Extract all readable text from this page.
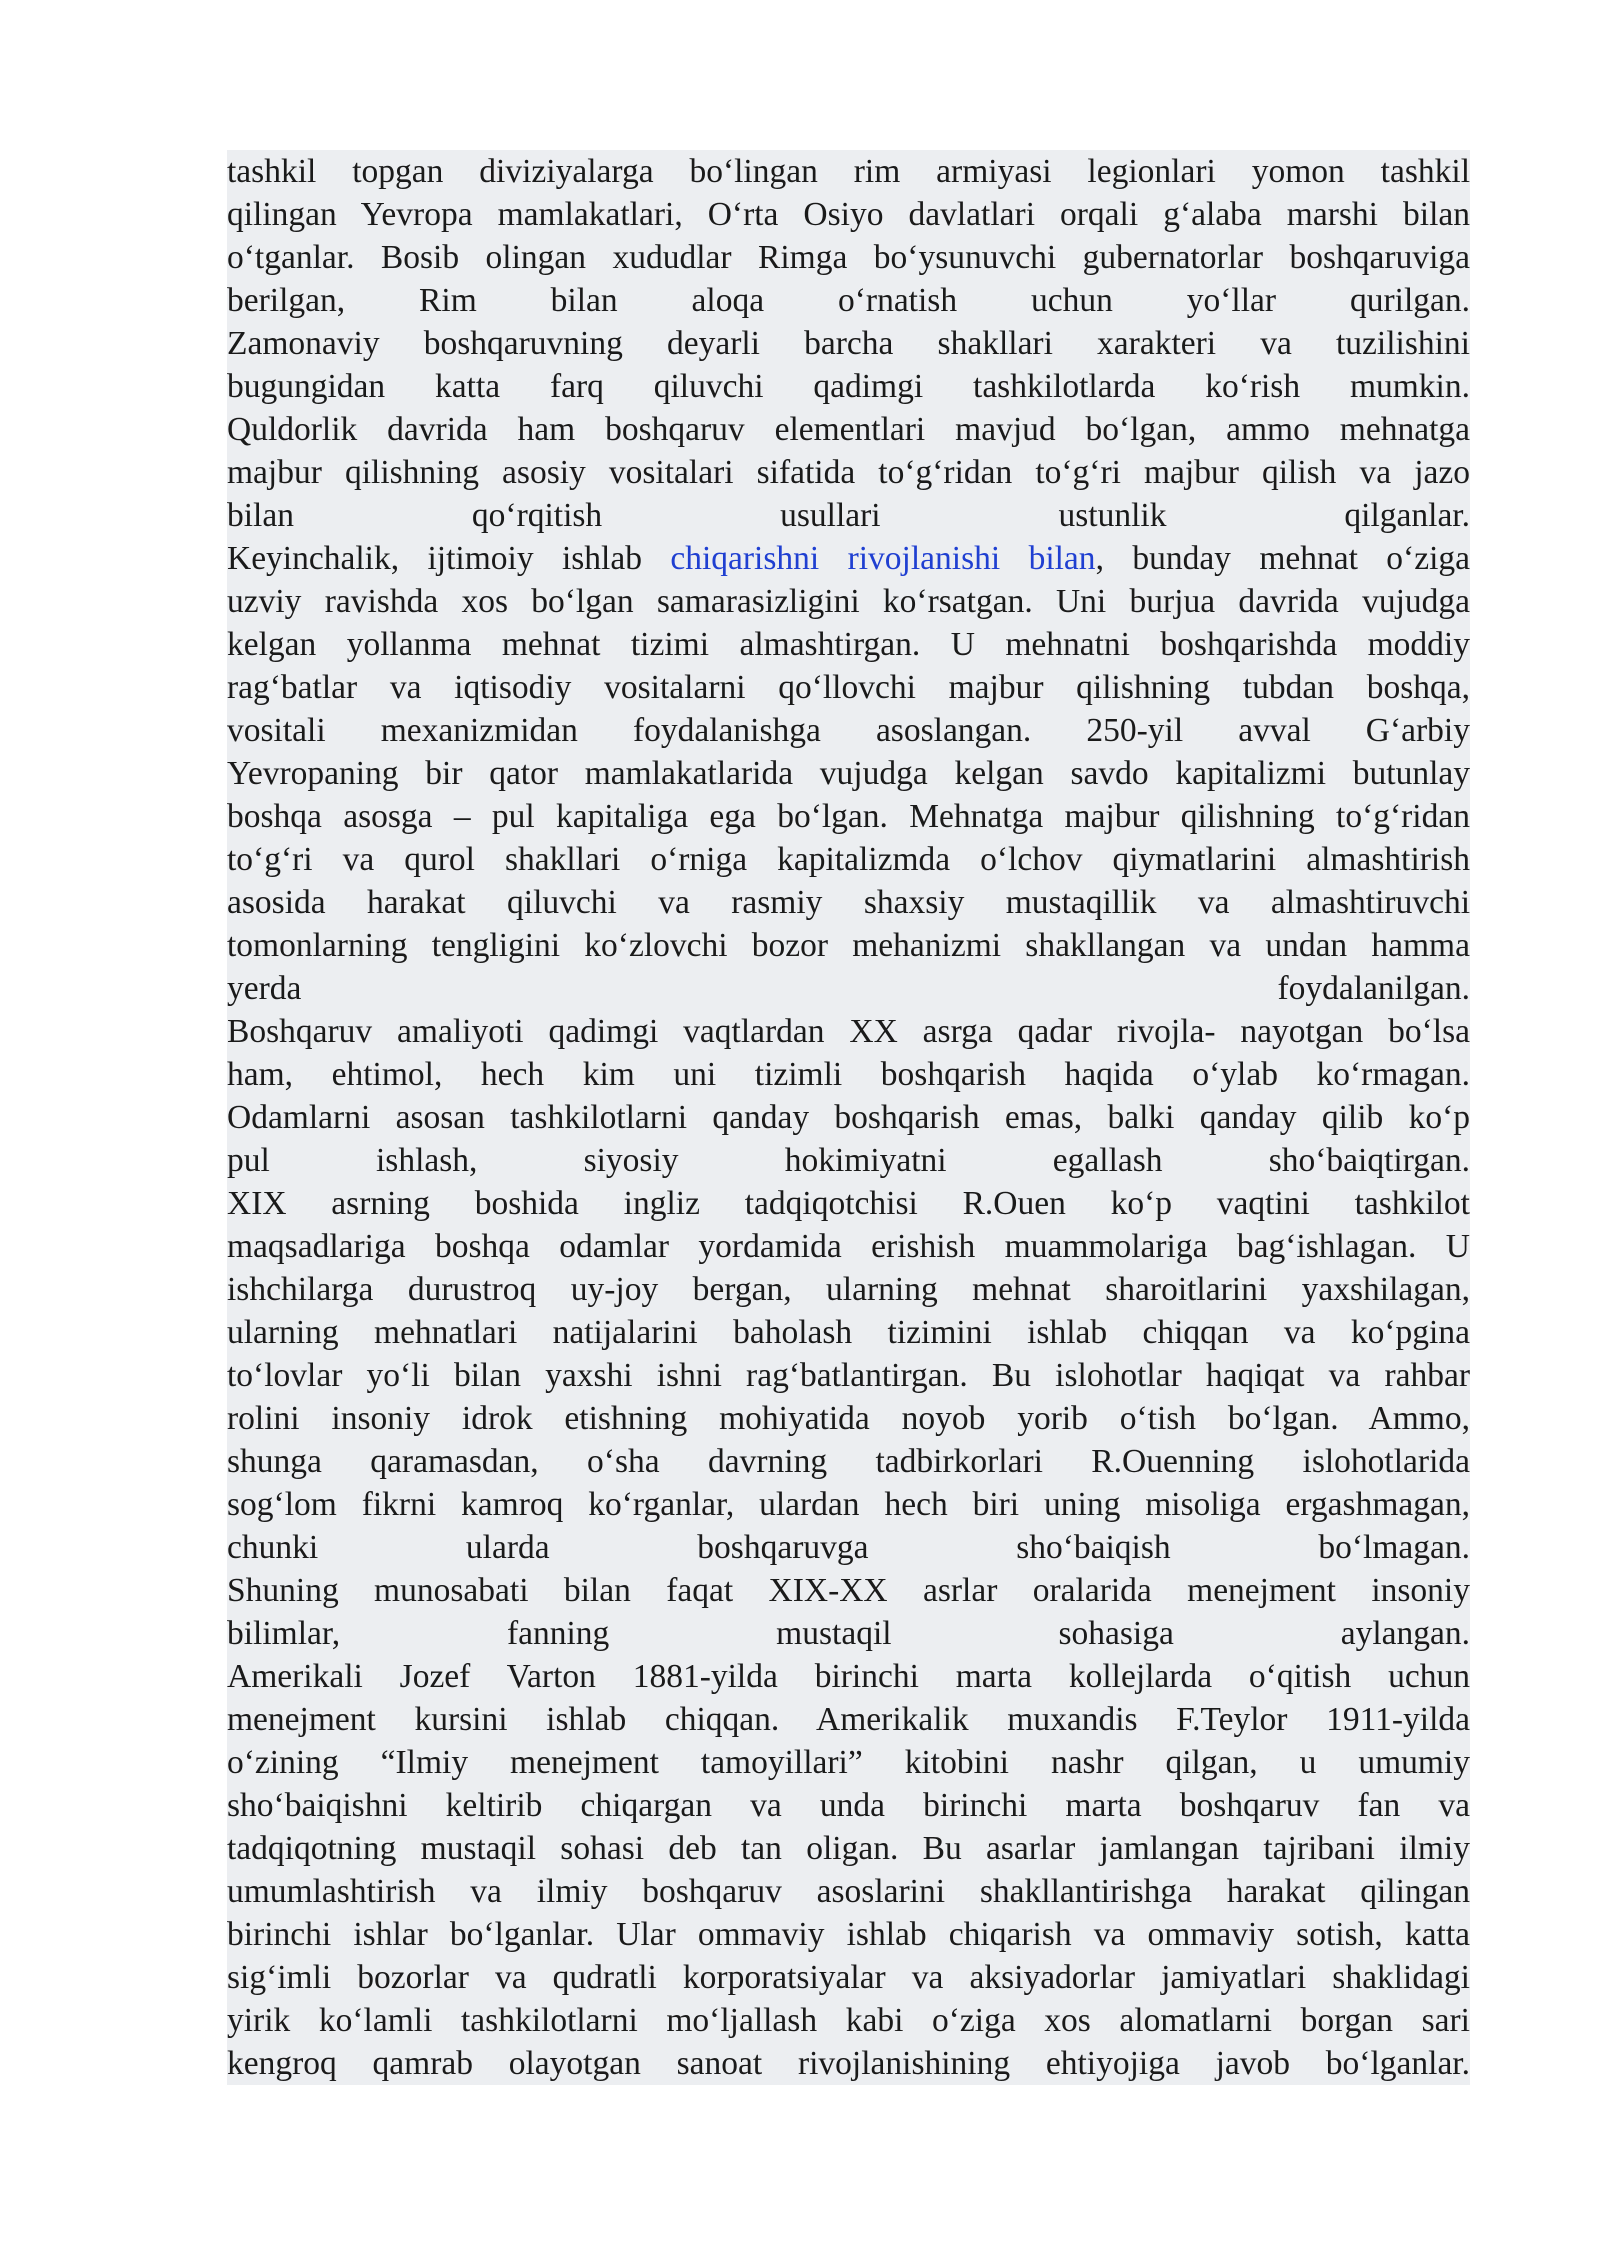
tashkil topgan diviziyalarga bo‘lingan rim armiyasi legionlari yomon tashkil
qilingan Yevropa mamlakatlari, O‘rta Osiyo davlatlari orqali g‘alaba marshi bilan
o‘tganlar. Bosib olingan xududlar Rimga bo‘ysunuvchi gubernatorlar boshqaruviga
berilgan, Rim bilan aloqa o‘rnatish uchun yo‘llar qurilgan.
Zamonaviy boshqaruvning deyarli barcha shakllari xarakteri va tuzilishini
bugungidan katta farq qiluvchi qadimgi tashkilotlarda ko‘rish mumkin.
Quldorlik davrida ham boshqaruv elementlari mavjud bo‘lgan, ammo mehnatga
majbur qilishning asosiy vositalari sifatida to‘g‘ridan to‘g‘ri majbur qilish va jazo
bilan qo‘rqitish usullari ustunlik qilganlar.
Keyinchalik, ijtimoiy ishlab chiqarishni rivojlanishi bilan, bunday mehnat o‘ziga
uzviy ravishda xos bo‘lgan samarasizligini ko‘rsatgan. Uni burjua davrida vujudga
kelgan yollanma mehnat tizimi almashtirgan. U mehnatni boshqarishda moddiy
rag‘batlar va iqtisodiy vositalarni qo‘llovchi majbur qilishning tubdan boshqa,
vositali mexanizmidan foydalanishga asoslangan. 250-yil avval G‘arbiy
Yevropaning bir qator mamlakatlarida vujudga kelgan savdo kapitalizmi butunlay
boshqa asosga – pul kapitaliga ega bo‘lgan. Mehnatga majbur qilishning to‘g‘ridan
to‘g‘ri va qurol shakllari o‘rniga kapitalizmda o‘lchov qiymatlarini almashtirish
asosida harakat qiluvchi va rasmiy shaxsiy mustaqillik va almashtiruvchi
tomonlarning tengligini ko‘zlovchi bozor mehanizmi shakllangan va undan hamma
yerda foydalanilgan.
Boshqaruv amaliyoti qadimgi vaqtlardan XX asrga qadar rivojla- nayotgan bo‘lsa
ham, ehtimol, hech kim uni tizimli boshqarish haqida o‘ylab ko‘rmagan.
Odamlarni asosan tashkilotlarni qanday boshqarish emas, balki qanday qilib ko‘p
pul ishlash, siyosiy hokimiyatni egallash sho‘baiqtirgan.
XIX asrning boshida ingliz tadqiqotchisi R.Ouen ko‘p vaqtini tashkilot
maqsadlariga boshqa odamlar yordamida erishish muammolariga bag‘ishlagan. U
ishchilarga durustroq uy-joy bergan, ularning mehnat sharoitlarini yaxshilagan,
ularning mehnatlari natijalarini baholash tizimini ishlab chiqqan va ko‘pgina
to‘lovlar yo‘li bilan yaxshi ishni rag‘batlantirgan. Bu islohotlar haqiqat va rahbar
rolini insoniy idrok etishning mohiyatida noyob yorib o‘tish bo‘lgan. Ammo,
shunga qaramasdan, o‘sha davrning tadbirkorlari R.Ouenning islohotlarida
sog‘lom fikrni kamroq ko‘rganlar, ulardan hech biri uning misoliga ergashmagan,
chunki ularda boshqaruvga sho‘baiqish bo‘lmagan.
Shuning munosabati bilan faqat XIX-XX asrlar oralarida menejment insoniy
bilimlar, fanning mustaqil sohasiga aylangan.
Amerikali Jozef Varton 1881-yilda birinchi marta kollejlarda o‘qitish uchun
menejment kursini ishlab chiqqan. Amerikalik muxandis F.Teylor 1911-yilda
o‘zining “Ilmiy menejment tamoyillari” kitobini nashr qilgan, u umumiy
sho‘baiqishni keltirib chiqargan va unda birinchi marta boshqaruv fan va
tadqiqotning mustaqil sohasi deb tan oligan. Bu asarlar jamlangan tajribani ilmiy
umumlashtirish va ilmiy boshqaruv asoslarini shakllantirishga harakat qilingan
birinchi ishlar bo‘lganlar. Ular ommaviy ishlab chiqarish va ommaviy sotish, katta
sig‘imli bozorlar va qudratli korporatsiyalar va aksiyadorlar jamiyatlari shaklidagi
yirik ko‘lamli tashkilotlarni mo‘ljallash kabi o‘ziga xos alomatlarni borgan sari
kengroq qamrab olayotgan sanoat rivojlanishining ehtiyojiga javob bo‘lganlar.
